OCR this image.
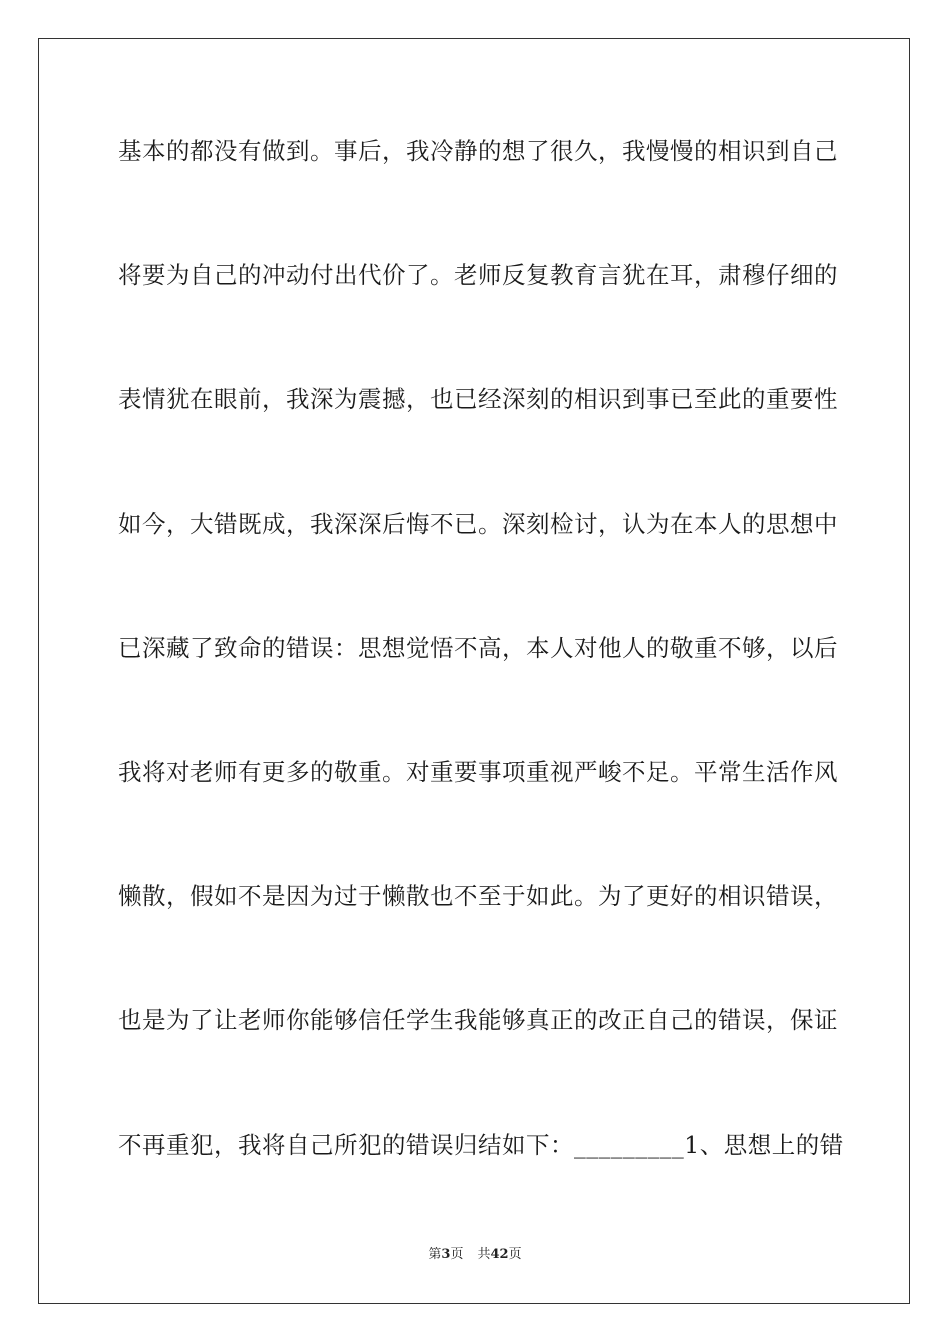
基本的都没有做到。事后，我冷静的想了很久，我慢慢的相识到自己
将要为自己的冲动付出代价了。老师反复教育言犹在耳，肃穆仔细的
表情犹在眼前，我深为震撼，也已经深刻的相识到事已至此的重要性
如今，大错既成，我深深后悔不已。深刻检讨，认为在本人的思想中
已深藏了致命的错误：思想觉悟不高，本人对他人的敬重不够，以后
我将对老师有更多的敬重。对重要事项重视严峻不足。平常生活作风
懒散，假如不是因为过于懒散也不至于如此。为了更好的相识错误，
也是为了让老师你能够信任学生我能够真正的改正自己的错误，保证
不再重犯，我将自己所犯的错误归结如下：_________1、思想上的错
第3页 共42页
